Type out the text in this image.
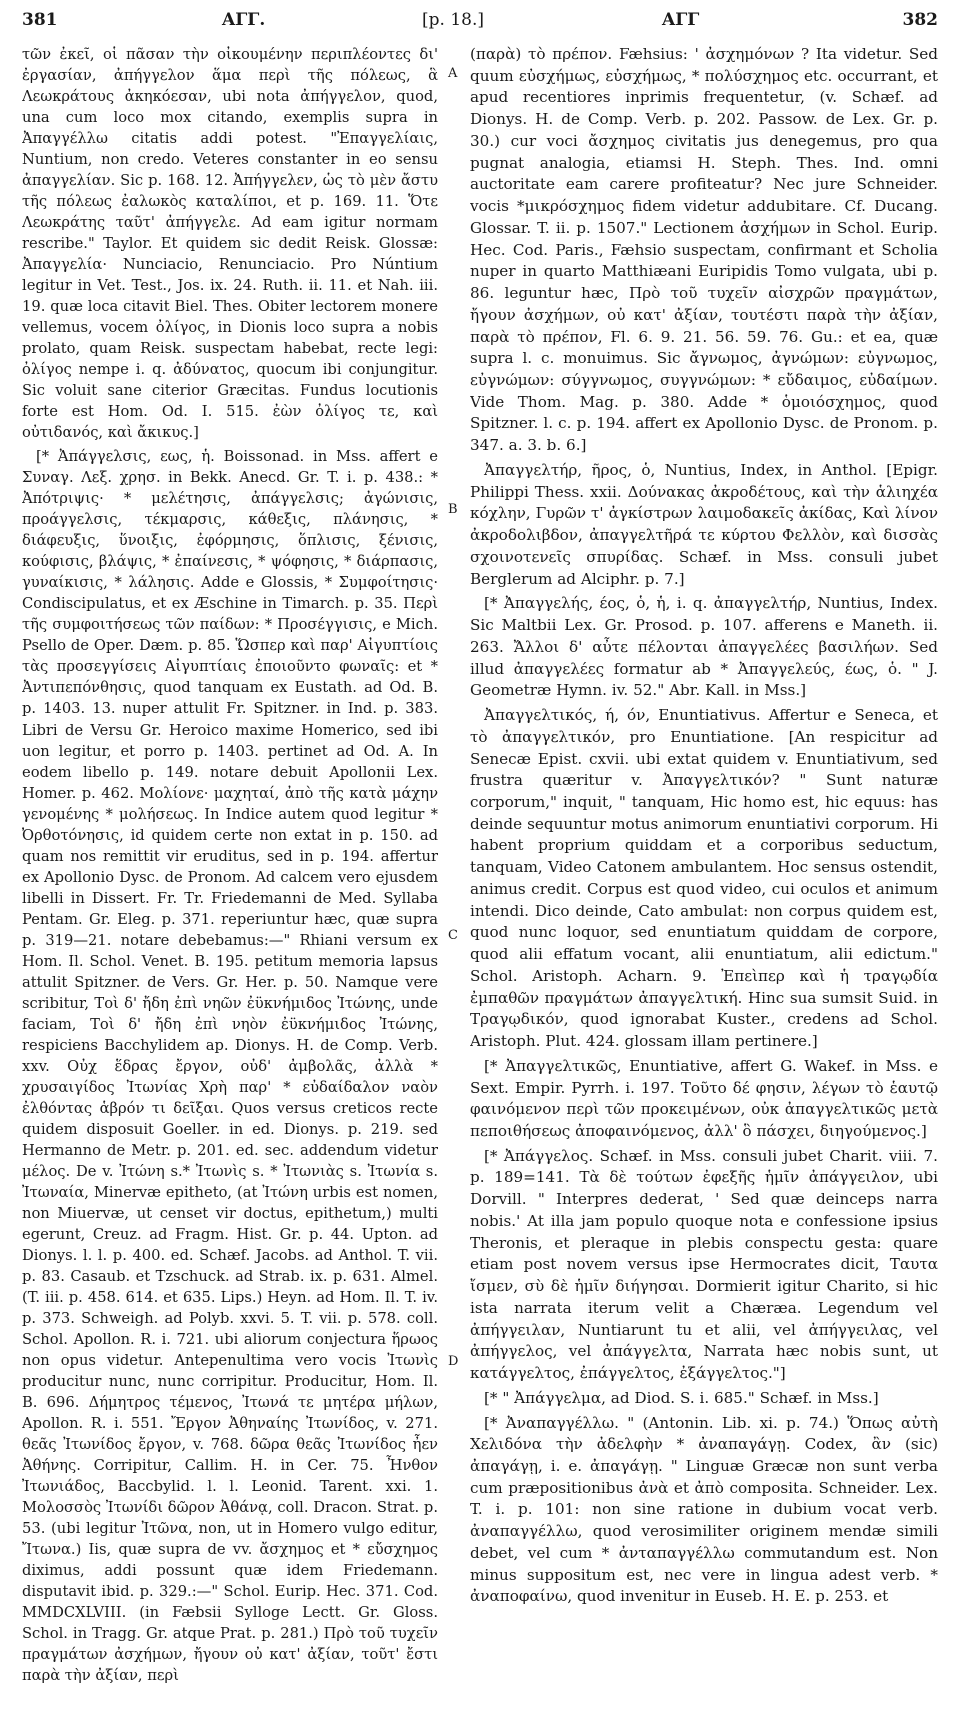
381	ΑΓΓ.	[p. 18.]	ΑΓΓ	382
A
B
C
D

τῶν ἐκεῖ, οἱ πᾶσαν τὴν οἰκουμένην περιπλέοντες δι' ἐργασίαν, ἀπήγγελον ἅμα περὶ τῆς πόλεως, ἃ Λεωκράτους ἀκηκόεσαν, ubi nota ἀπήγγελον, quod, una cum loco mox citando, exemplis supra in Ἀπαγγέλλω citatis addi potest. "Ἐπαγγελίαις, Nuntium, non credo. Veteres constanter in eo sensu ἀπαγγελίαν. Sic p. 168. 12. Ἀπήγγελεν, ὡς τὸ μὲν ἄστυ τῆς πόλεως ἐαλωκὸς καταλίποι, et p. 169. 11. Ὅτε Λεωκράτης ταῦτ' ἀπήγγελε. Ad eam igitur normam rescribe." Taylor. Et quidem sic dedit Reisk. Glossæ: Ἀπαγγελία· Nunciacio, Renunciacio. Pro Núntium legitur in Vet. Test., Jos. ix. 24. Ruth. ii. 11. et Nah. iii. 19. quæ loca citavit Biel. Thes. Obiter lectorem monere vellemus, vocem ὀλίγος, in Dionis loco supra a nobis prolato, quam Reisk. suspectam habebat, recte legi: ὀλίγος nempe i. q. ἀδύνατος, quocum ibi conjungitur. Sic voluit sane citerior Græcitas. Fundus locutionis forte est Hom. Od. I. 515. ἐὼν ὀλίγος τε, καὶ οὐτιδανός, καὶ ἄκικυς.]

[* Ἀπάγγελσις, εως, ἡ. Boissonad. in Mss. affert e Συναγ. Λεξ. χρησ. in Bekk. Anecd. Gr. T. i. p. 438.: * Ἀπότριψις· * μελέτησις, ἀπάγγελσις; ἀγώνισις, προάγγελσις, τέκμαρσις, κάθεξις, πλάνησις, * διάφευξις, ὕνοιξις, ἐφόρμησις, ὅπλισις, ξένισις, κούφισις, βλάψις, * ἐπαίνεσις, * ψόφησις, * διάρπασις, γυναίκισις, * λάλησις. Adde e Glossis, * Συμφοίτησις· Condiscipulatus, et ex Æschine in Timarch. p. 35. Περὶ τῆς συμφοιτήσεως τῶν παίδων: * Προσέγγισις, e Mich. Psello de Oper. Dæm. p. 85. Ὥσπερ καὶ παρ' Αἰγυπτίοις τὰς προσεγγίσεις Αἰγυπτίαις ἐποιοῦντο φωναῖς: et * Ἀντιπεπόνθησις, quod tanquam ex Eustath. ad Od. B. p. 1403. 13. nuper attulit Fr. Spitzner. in Ind. p. 383. Libri de Versu Gr. Heroico maxime Homerico, sed ibi uon legitur, et porro p. 1403. pertinet ad Od. A. In eodem libello p. 149. notare debuit Apollonii Lex. Homer. p. 462. Μολίονε· μαχηταί, ἀπὸ τῆς κατὰ μάχην γενομένης * μολήσεως. In Indice autem quod legitur * Ὀρθοτόνησις, id quidem certe non extat in p. 150. ad quam nos remittit vir eruditus, sed in p. 194. affertur ex Apollonio Dysc. de Pronom. Ad calcem vero ejusdem libelli in Dissert. Fr. Tr. Friedemanni de Med. Syllaba Pentam. Gr. Eleg. p. 371. reperiuntur hæc, quæ supra p. 319—21. notare debebamus:—" Rhiani versum ex Hom. Il. Schol. Venet. B. 195. petitum memoria lapsus attulit Spitzner. de Vers. Gr. Her. p. 50. Namque vere scribitur, Τοὶ δ' ἤδη ἐπὶ νηῶν ἐϋκνήμιδος Ἰτώνης, unde faciam, Τοὶ δ' ἤδη ἐπὶ νηὸν ἐϋκνήμιδος Ἰτώνης, respiciens Bacchylidem ap. Dionys. H. de Comp. Verb. xxv. Οὐχ ἕδρας ἔργον, οὐδ' ἀμβολᾶς, ἀλλὰ * χρυσαιγίδος Ἰτωνίας Χρὴ παρ' * εὐδαίδαλον ναὸν ἐλθόντας ἁβρόν τι δεῖξαι. Quos versus creticos recte quidem disposuit Goeller. in ed. Dionys. p. 219. sed Hermanno de Metr. p. 201. ed. sec. addendum videtur μέλος. De v. Ἰτώνη s.* Ἰτωνὶς s. * Ἰτωνιὰς s. Ἰτωνία s. Ἰτωναία, Minervæ epitheto, (at Ἰτώνη urbis est nomen, non Miuervæ, ut censet vir doctus, epithetum,) multi egerunt, Creuz. ad Fragm. Hist. Gr. p. 44. Upton. ad Dionys. l. l. p. 400. ed. Schæf. Jacobs. ad Anthol. T. vii. p. 83. Casaub. et Tzschuck. ad Strab. ix. p. 631. Almel. (T. iii. p. 458. 614. et 635. Lips.) Heyn. ad Hom. Il. T. iv. p. 373. Schweigh. ad Polyb. xxvi. 5. T. vii. p. 578. coll. Schol. Apollon. R. i. 721. ubi aliorum conjectura ἥρωος non opus videtur. Antepenultima vero vocis Ἰτωνὶς producitur nunc, nunc corripitur. Producitur, Hom. Il. B. 696. Δήμητρος τέμενος, Ἰτωνά τε μητέρα μήλων, Apollon. R. i. 551. Ἔργον Ἀθηναίης Ἰτωνίδος, v. 271. θεᾶς Ἰτωνίδος ἔργον, v. 768. δῶρα θεᾶς Ἰτωνίδος ἦεν Ἀθήνης. Corripitur, Callim. H. in Cer. 75. Ἦνθον Ἰτωνιάδος, Baccbylid. l. l. Leonid. Tarent. xxi. 1. Μολοσσὸς Ἰτωνίδι δῶρον Ἀθάνᾳ, coll. Dracon. Strat. p. 53. (ubi legitur Ἰτῶνα, non, ut in Homero vulgo editur, Ἴτωνα.) Iis, quæ supra de vv. ἄσχημος et * εὔσχημος diximus, addi possunt quæ idem Friedemann. disputavit ibid. p. 329.:—" Schol. Eurip. Hec. 371. Cod. MMDCXLVIII. (in Fæbsii Sylloge Lectt. Gr. Gloss. Schol. in Tragg. Gr. atque Prat. p. 281.) Πρὸ τοῦ τυχεῖν πραγμάτων ἀσχήμων, ἤγουν οὐ κατ' ἀξίαν, τοῦτ' ἔστι παρὰ τὴν ἀξίαν, περὶ

(παρὰ) τὸ πρέπον. Fæhsius: ' ἀσχημόνων ? Ita videtur. Sed quum εὐσχήμως, εὐσχήμως, * πολύσχημος etc. occurrant, et apud recentiores inprimis frequentetur, (v. Schæf. ad Dionys. H. de Comp. Verb. p. 202. Passow. de Lex. Gr. p. 30.) cur voci ἄσχημος civitatis jus denegemus, pro qua pugnat analogia, etiamsi H. Steph. Thes. Ind. omni auctoritate eam carere profiteatur? Nec jure Schneider. vocis *μικρόσχημος fidem videtur addubitare. Cf. Ducang. Glossar. T. ii. p. 1507." Lectionem ἀσχήμων in Schol. Eurip. Hec. Cod. Paris., Fæhsio suspectam, confirmant et Scholia nuper in quarto Matthiæani Euripidis Tomo vulgata, ubi p. 86. leguntur hæc, Πρὸ τοῦ τυχεῖν αἰσχρῶν πραγμάτων, ἤγουν ἀσχήμων, οὐ κατ' ἀξίαν, τουτέστι παρὰ τὴν ἀξίαν, παρὰ τὸ πρέπον, Fl. 6. 9. 21. 56. 59. 76. Gu.: et ea, quæ supra l. c. monuimus. Sic ἄγνωμος, ἀγνώμων: εὐγνωμος, εὐγνώμων: σύγγνωμος, συγγνώμων: * εὔδαιμος, εὐδαίμων. Vide Thom. Mag. p. 380. Adde * ὁμοιόσχημος, quod Spitzner. l. c. p. 194. affert ex Apollonio Dysc. de Pronom. p. 347. a. 3. b. 6.]

Ἀπαγγελτήρ, ῆρος, ὁ, Nuntius, Index, in Anthol. [Epigr. Philippi Thess. xxii. Δούνακας ἀκροδέτους, καὶ τὴν ἁλιηχέα κόχλην, Γυρῶν τ' ἀγκίστρων λαιμοδακεῖς ἀκίδας, Καὶ λίνον ἀκροδολιβδον, ἀπαγγελτῆρά τε κύρτου Φελλὸν, καὶ δισσὰς σχοινοτενεῖς σπυρίδας. Schæf. in Mss. consuli jubet Berglerum ad Alciphr. p. 7.]

[* Ἀπαγγελής, έος, ὁ, ἡ, i. q. ἀπαγγελτήρ, Nuntius, Index. Sic Maltbii Lex. Gr. Prosod. p. 107. afferens e Maneth. ii. 263. Ἄλλοι δ' αὖτε πέλονται ἀπαγγελέες βασιλήων. Sed illud ἀπαγγελέες formatur ab * Ἀπαγγελεύς, έως, ὁ. " J. Geometræ Hymn. iv. 52." Abr. Kall. in Mss.]

Ἀπαγγελτικός, ή, όν, Enuntiativus. Affertur e Seneca, et τὸ ἀπαγγελτικόν, pro Enuntiatione. [An respicitur ad Senecæ Epist. cxvii. ubi extat quidem v. Enuntiativum, sed frustra quæritur v. Ἀπαγγελτικόν? " Sunt naturæ corporum," inquit, " tanquam, Hic homo est, hic equus: has deinde sequuntur motus animorum enuntiativi corporum. Hi habent proprium quiddam et a corporibus seductum, tanquam, Video Catonem ambulantem. Hoc sensus ostendit, animus credit. Corpus est quod video, cui oculos et animum intendi. Dico deinde, Cato ambulat: non corpus quidem est, quod nunc loquor, sed enuntiatum quiddam de corpore, quod alii effatum vocant, alii enuntiatum, alii edictum." Schol. Aristoph. Acharn. 9. Ἐπεὶπερ καὶ ἡ τραγῳδία ἐμπαθῶν πραγμάτων ἀπαγγελτική. Hinc sua sumsit Suid. in Τραγῳδικόν, quod ignorabat Kuster., credens ad Schol. Aristoph. Plut. 424. glossam illam pertinere.]

[* Ἀπαγγελτικῶς, Enuntiative, affert G. Wakef. in Mss. e Sext. Empir. Pyrrh. i. 197. Τοῦτο δέ φησιν, λέγων τὸ ἑαυτῷ φαινόμενον περὶ τῶν προκειμένων, οὐκ ἀπαγγελτικῶς μετὰ πεποιθήσεως ἀποφαινόμενος, ἀλλ' ὃ πάσχει, διηγούμενος.]

[* Ἀπάγγελος. Schæf. in Mss. consuli jubet Charit. viii. 7. p. 189=141. Τὰ δὲ τούτων ἐφεξῆς ἡμῖν ἀπάγγειλον, ubi Dorvill. " Interpres dederat, ' Sed quæ deinceps narra nobis.' At illa jam populo quoque nota e confessione ipsius Theronis, et pleraque in plebis conspectu gesta: quare etiam post novem versus ipse Hermocrates dicit, Ταυτα ἴσμεν, σὺ δὲ ἡμῖν διήγησαι. Dormierit igitur Charito, si hic ista narrata iterum velit a Chæræa. Legendum vel ἀπήγγειλαν, Nuntiarunt tu et alii, vel ἀπήγγειλας, vel ἀπήγγελος, vel ἀπάγγελτα, Narrata hæc nobis sunt, ut κατάγγελτος, ἐπάγγελτος, ἐξάγγελτος."]

[* " Ἀπάγγελμα, ad Diod. S. i. 685." Schæf. in Mss.]

[* Ἀναπαγγέλλω. " (Antonin. Lib. xi. p. 74.) Ὅπως αὐτὴ Χελιδόνα τὴν ἀδελφὴν * ἀναπαγάγῃ. Codex, ἂν (sic) ἀπαγάγῃ, i. e. ἀπαγάγῃ. " Linguæ Græcæ non sunt verba cum præpositionibus ἀνὰ et ἀπὸ composita. Schneider. Lex. T. i. p. 101: non sine ratione in dubium vocat verb. ἀναπαγγέλλω, quod verosimiliter originem mendæ simili debet, vel cum * ἀνταπαγγέλλω commutandum est. Non minus suppositum est, nec vere in lingua adest verb. * ἀναποφαίνω, quod invenitur in Euseb. H. E. p. 253. et
